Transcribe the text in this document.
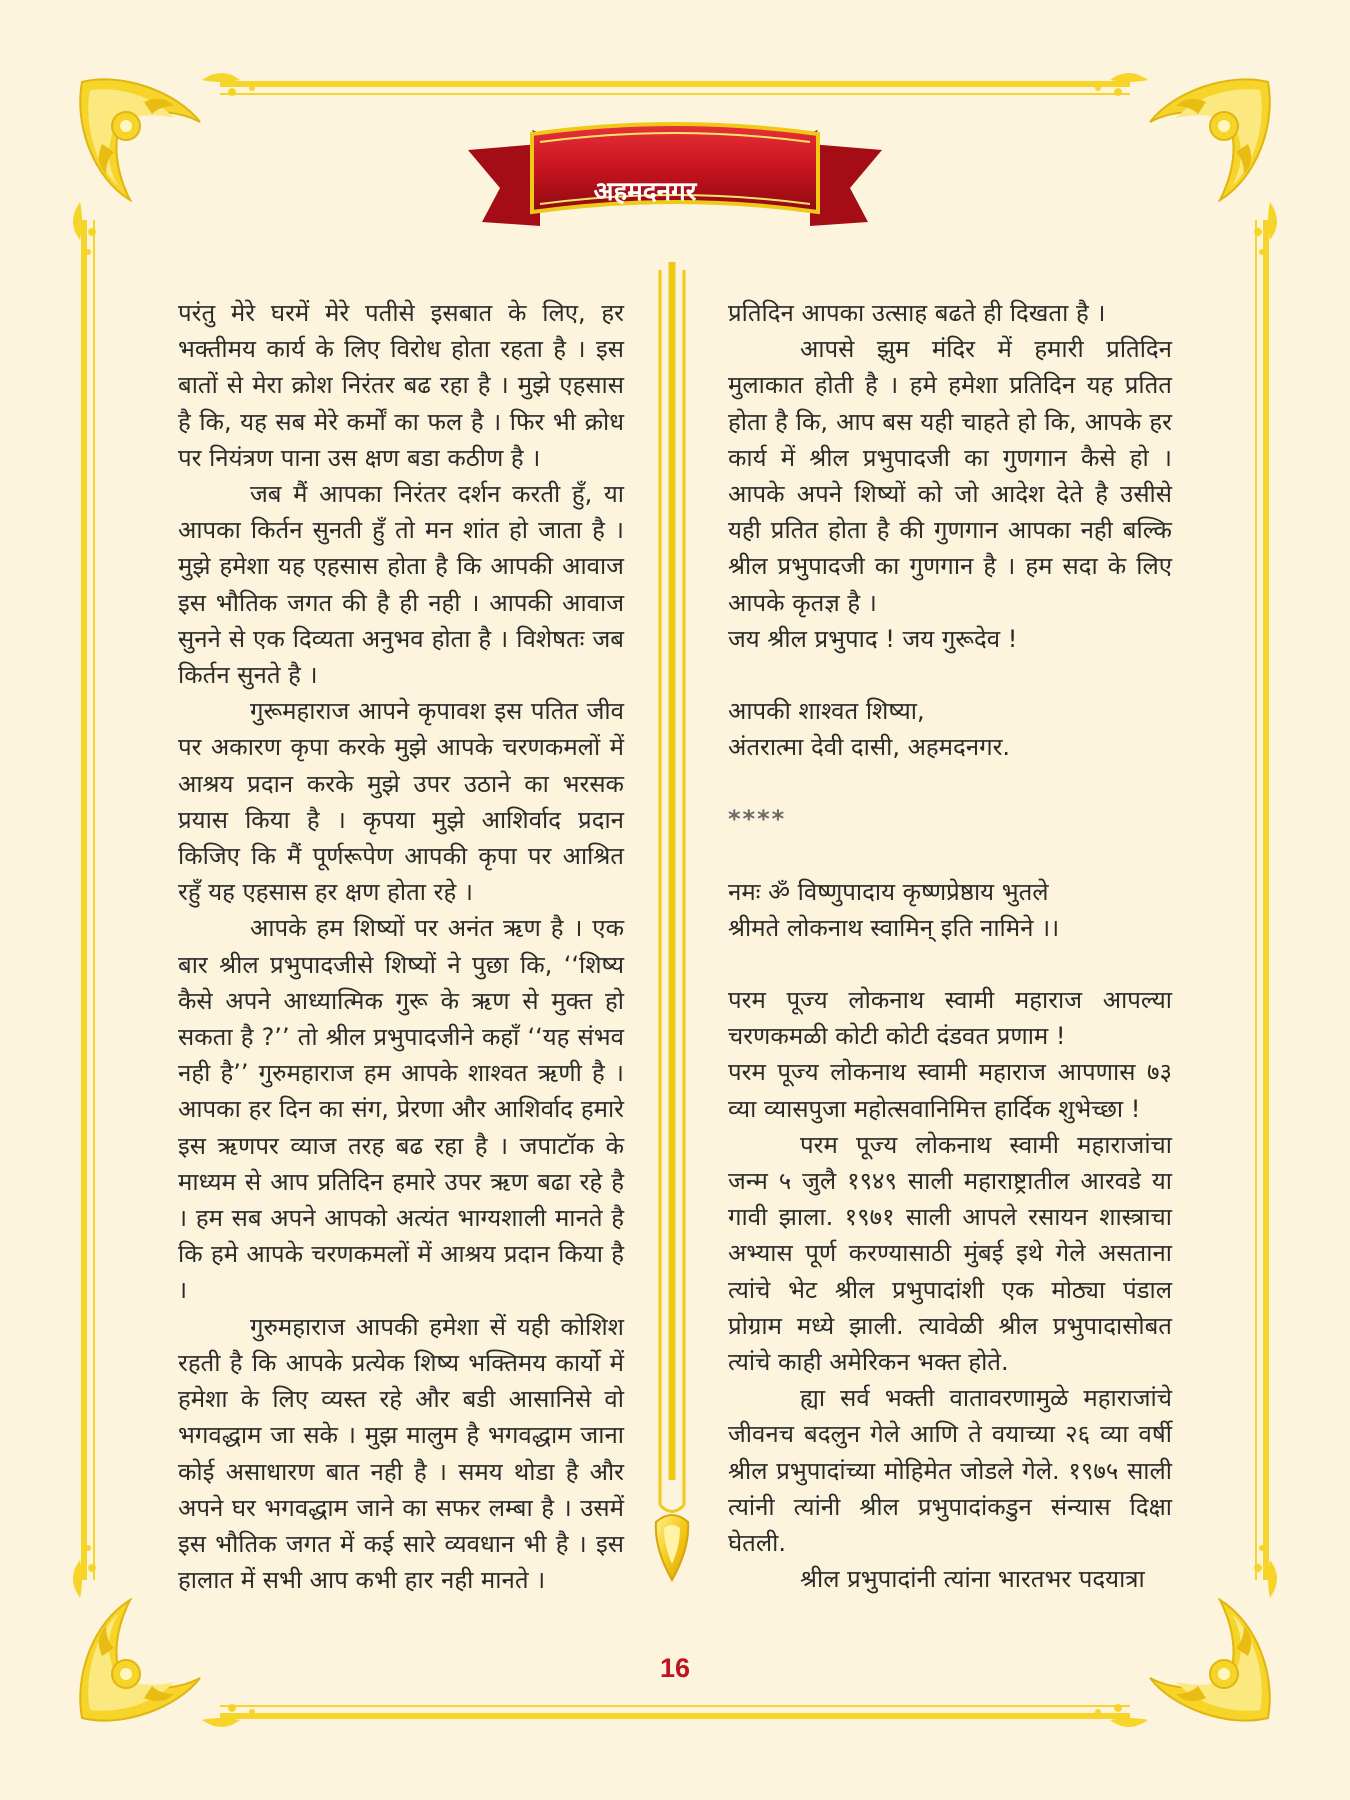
अहमदनगर

परंतु मेरे घरमें मेरे पतीसे इसबात के लिए, हर भक्तीमय कार्य के लिए विरोध होता रहता है । इस बातों से मेरा क्रोश निरंतर बढ रहा है । मुझे एहसास है कि, यह सब मेरे कर्मों का फल है । फिर भी क्रोध पर नियंत्रण पाना उस क्षण बडा कठीण है ।

जब मैं आपका निरंतर दर्शन करती हुँ, या आपका किर्तन सुनती हुँ तो मन शांत हो जाता है । मुझे हमेशा यह एहसास होता है कि आपकी आवाज इस भौतिक जगत की है ही नही । आपकी आवाज सुनने से एक दिव्यता अनुभव होता है । विशेषतः जब किर्तन सुनते है ।

गुरूमहाराज आपने कृपावश इस पतित जीव पर अकारण कृपा करके मुझे आपके चरणकमलों में आश्रय प्रदान करके मुझे उपर उठाने का भरसक प्रयास किया है । कृपया मुझे आशिर्वाद प्रदान किजिए कि मैं पूर्णरूपेण आपकी कृपा पर आश्रित रहुँ यह एहसास हर क्षण होता रहे ।

आपके हम शिष्यों पर अनंत ऋण है । एक बार श्रील प्रभुपादजीसे शिष्यों ने पुछा कि, ‘‘शिष्य कैसे अपने आध्यात्मिक गुरू के ऋण से मुक्त हो सकता है ?’’ तो श्रील प्रभुपादजीने कहाँ ‘‘यह संभव नही है’’ गुरुमहाराज हम आपके शाश्वत ऋणी है । आपका हर दिन का संग, प्रेरणा और आशिर्वाद हमारे इस ऋणपर व्याज तरह बढ रहा है । जपाटॉक के माध्यम से आप प्रतिदिन हमारे उपर ऋण बढा रहे है । हम सब अपने आपको अत्यंत भाग्यशाली मानते है कि हमे आपके चरणकमलों में आश्रय प्रदान किया है ।

गुरुमहाराज आपकी हमेशा सें यही कोशिश रहती है कि आपके प्रत्येक शिष्य भक्तिमय कार्यो में हमेशा के लिए व्यस्त रहे और बडी आसानिसे वो भगवद्धाम जा सके । मुझ मालुम है भगवद्धाम जाना कोई असाधारण बात नही है । समय थोडा है और अपने घर भगवद्धाम जाने का सफर लम्बा है । उसमें इस भौतिक जगत में कई सारे व्यवधान भी है । इस हालात में सभी आप कभी हार नही मानते ।

प्रतिदिन आपका उत्साह बढते ही दिखता है ।

आपसे झुम मंदिर में हमारी प्रतिदिन मुलाकात होती है । हमे हमेशा प्रतिदिन यह प्रतित होता है कि, आप बस यही चाहते हो कि, आपके हर कार्य में श्रील प्रभुपादजी का गुणगान कैसे हो । आपके अपने शिष्यों को जो आदेश देते है उसीसे यही प्रतित होता है की गुणगान आपका नही बल्कि श्रील प्रभुपादजी का गुणगान है । हम सदा के लिए आपके कृतज्ञ है ।

जय श्रील प्रभुपाद ! जय गुरूदेव !

आपकी शाश्वत शिष्या,

अंतरात्मा देवी दासी, अहमदनगर.

****

नमः ॐ विष्णुपादाय कृष्णप्रेष्ठाय भुतले

श्रीमते लोकनाथ स्वामिन् इति नामिने ।।

परम पूज्य लोकनाथ स्वामी महाराज आपल्या चरणकमळी कोटी कोटी दंडवत प्रणाम !

परम पूज्य लोकनाथ स्वामी महाराज आपणास ७३ व्या व्यासपुजा महोत्सवानिमित्त हार्दिक शुभेच्छा !

परम पूज्य लोकनाथ स्वामी महाराजांचा जन्म ५ जुलै १९४९ साली महाराष्ट्रातील आरवडे या गावी झाला. १९७१ साली आपले रसायन शास्त्राचा अभ्यास पूर्ण करण्यासाठी मुंबई इथे गेले असताना त्यांचे भेट श्रील प्रभुपादांशी एक मोठ्या पंडाल प्रोग्राम मध्ये झाली. त्यावेळी श्रील प्रभुपादासोबत त्यांचे काही अमेरिकन भक्त होते.

ह्या सर्व भक्ती वातावरणामुळे महाराजांचे जीवनच बदलुन गेले आणि ते वयाच्या २६ व्या वर्षी श्रील प्रभुपादांच्या मोहिमेत जोडले गेले. १९७५ साली त्यांनी त्यांनी श्रील प्रभुपादांकडुन संन्यास दिक्षा घेतली.

श्रील प्रभुपादांनी त्यांना भारतभर पदयात्रा

16
